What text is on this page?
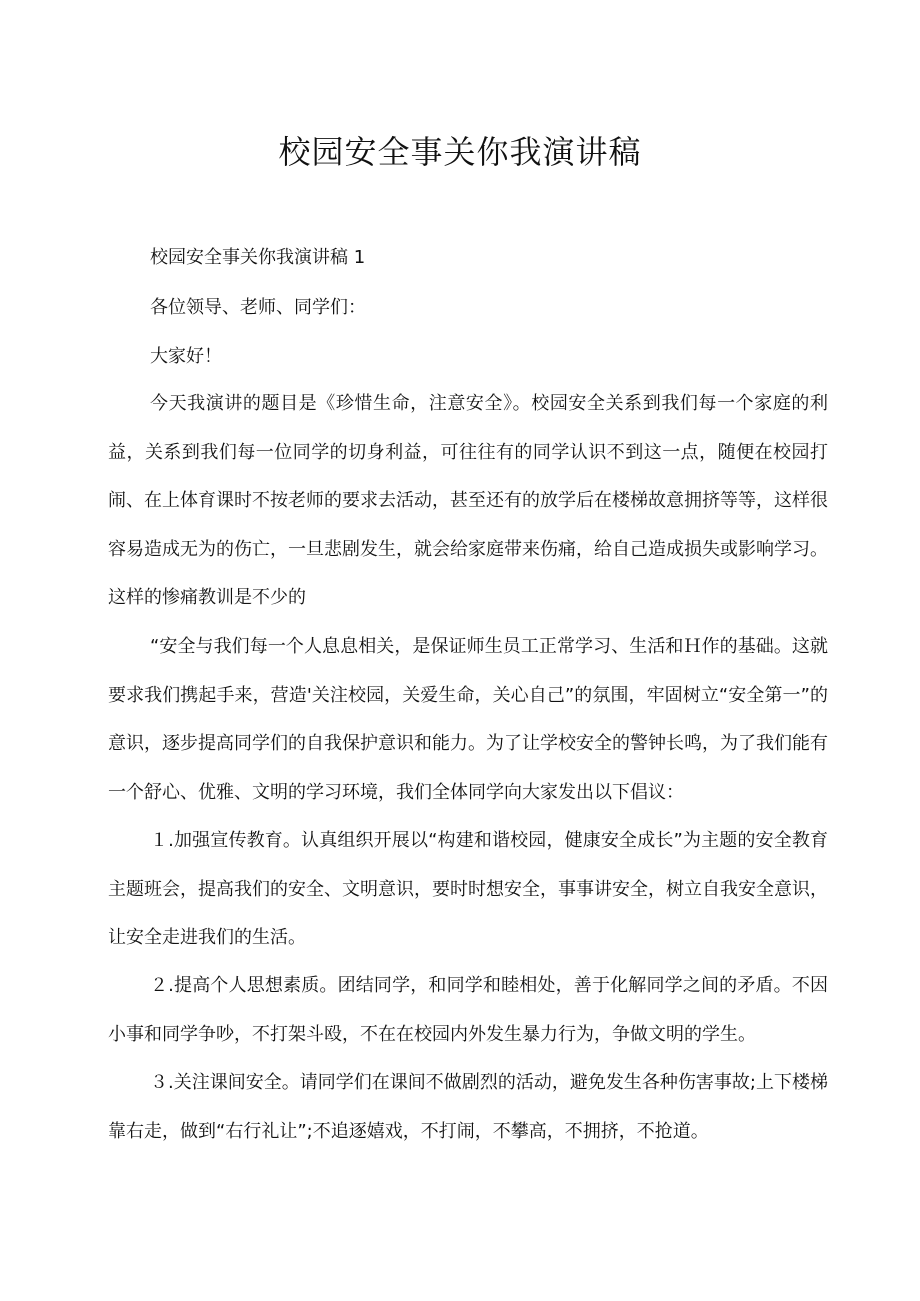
校园安全事关你我演讲稿
校园安全事关你我演讲稿 1
各位领导、老师、同学们：
大家好！
今天我演讲的题目是《珍惜生命，注意安全》。校园安全关系到我们每一个家庭的利益，关系到我们每一位同学的切身利益，可往往有的同学认识不到这一点，随便在校园打闹、在上体育课时不按老师的要求去活动，甚至还有的放学后在楼梯故意拥挤等等，这样很容易造成无为的伤亡，一旦悲剧发生，就会给家庭带来伤痛，给自己造成损失或影响学习。这样的惨痛教训是不少的
“安全与我们每一个人息息相关，是保证师生员工正常学习、生活和Ｈ作的基础。这就要求我们携起手来，营造'关注校园，关爱生命，关心自己”的氛围，牢固树立“安全第一”的意识，逐步提高同学们的自我保护意识和能力。为了让学校安全的警钟长鸣，为了我们能有一个舒心、优雅、文明的学习环境，我们全体同学向大家发出以下倡议：
１.加强宣传教育。认真组织开展以“构建和谐校园，健康安全成长”为主题的安全教育主题班会，提高我们的安全、文明意识，要时时想安全，事事讲安全，树立自我安全意识，让安全走进我们的生活。
２.提高个人思想素质。团结同学，和同学和睦相处，善于化解同学之间的矛盾。不因小事和同学争吵，不打架斗殴，不在在校园内外发生暴力行为，争做文明的学生。
３.关注课间安全。请同学们在课间不做剧烈的活动，避免发生各种伤害事故;上下楼梯靠右走，做到“右行礼让”;不追逐嬉戏，不打闹，不攀高，不拥挤，不抢道。
